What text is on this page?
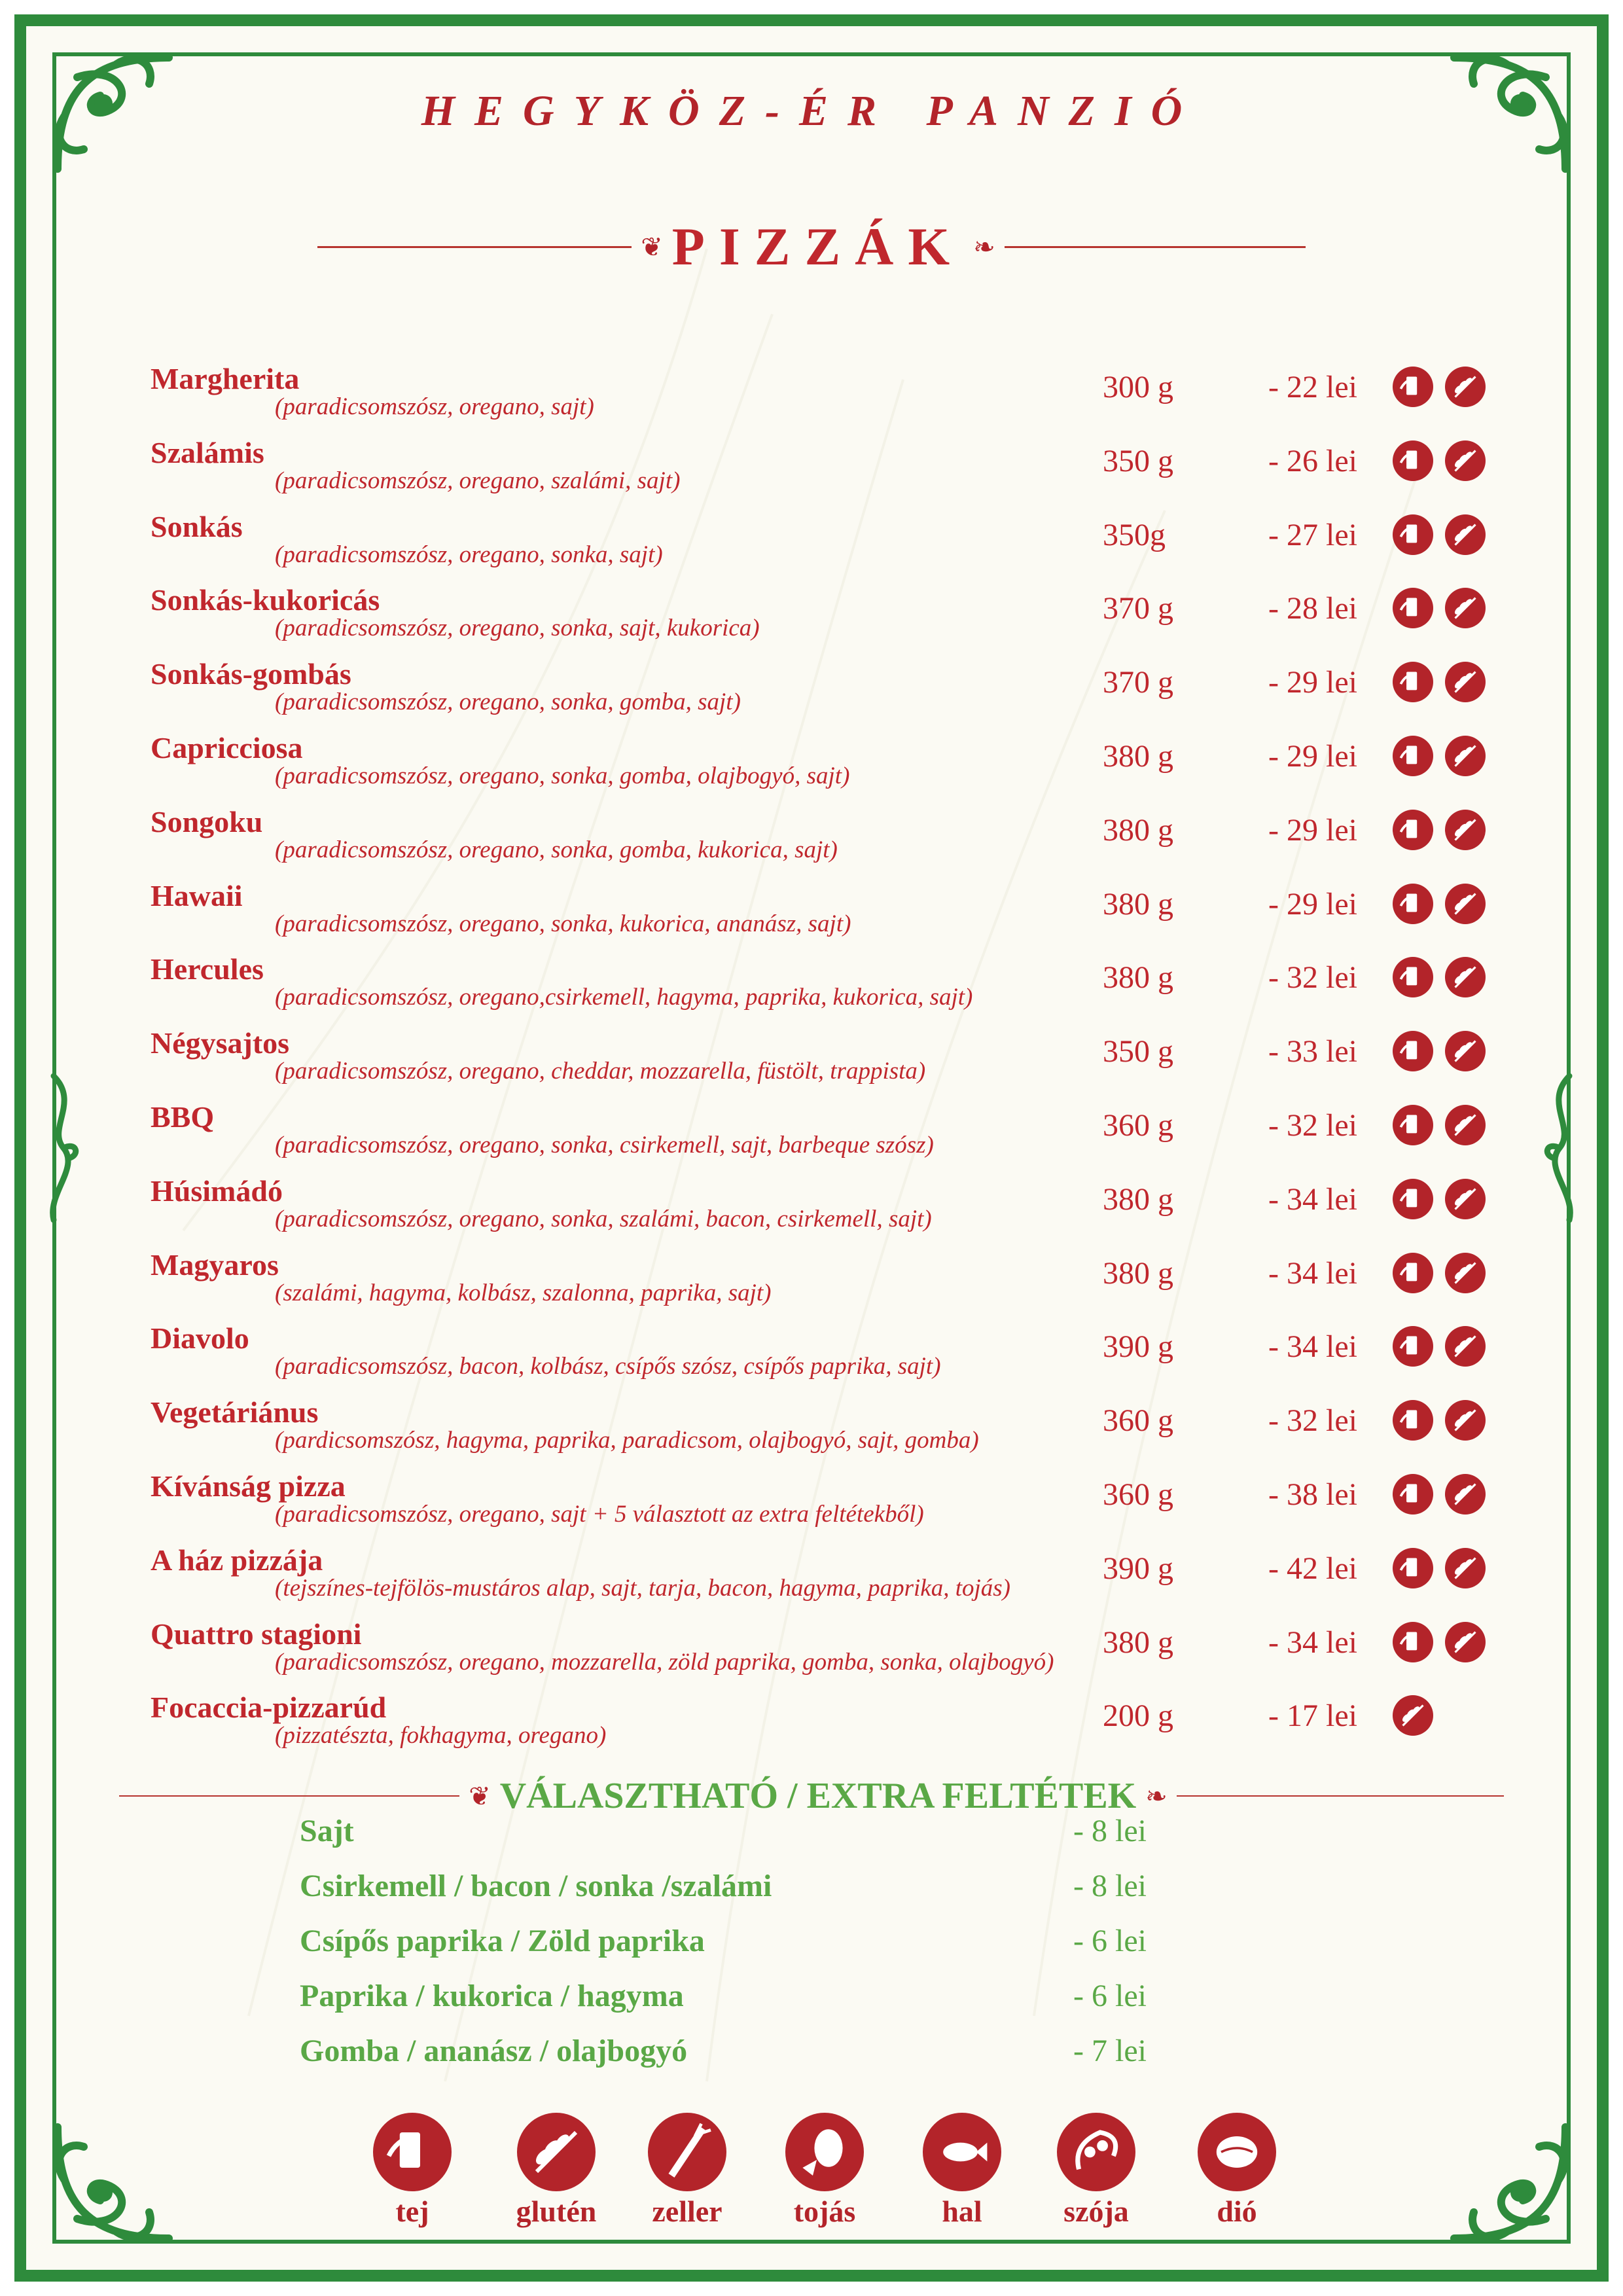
HEGYKÖZ-ÉR PANZIÓ
❦ PIZZÁK ❧
Margherita
(paradicsomszósz, oregano, sajt)
300 g	- 22 lei
Szalámis
(paradicsomszósz, oregano, szalámi, sajt)
350 g	- 26 lei
Sonkás
(paradicsomszósz, oregano, sonka, sajt)
350g	- 27 lei
Sonkás-kukoricás
(paradicsomszósz, oregano, sonka, sajt, kukorica)
370 g	- 28 lei
Sonkás-gombás
(paradicsomszósz, oregano, sonka, gomba, sajt)
370 g	- 29 lei
Capricciosa
(paradicsomszósz, oregano, sonka, gomba, olajbogyó, sajt)
380 g	- 29 lei
Songoku
(paradicsomszósz, oregano, sonka, gomba, kukorica, sajt)
380 g	- 29 lei
Hawaii
(paradicsomszósz, oregano, sonka, kukorica, ananász, sajt)
380 g	- 29 lei
Hercules
(paradicsomszósz, oregano,csirkemell, hagyma, paprika, kukorica, sajt)
380 g	- 32 lei
Négysajtos
(paradicsomszósz, oregano, cheddar, mozzarella, füstölt, trappista)
350 g	- 33 lei
BBQ
(paradicsomszósz, oregano, sonka, csirkemell, sajt, barbeque szósz)
360 g	- 32 lei
Húsimádó
(paradicsomszósz, oregano, sonka, szalámi, bacon, csirkemell, sajt)
380 g	- 34 lei
Magyaros
(szalámi, hagyma, kolbász, szalonna, paprika, sajt)
380 g	- 34 lei
Diavolo
(paradicsomszósz, bacon, kolbász, csípős szósz, csípős paprika, sajt)
390 g	- 34 lei
Vegetáriánus
(pardicsomszósz, hagyma, paprika, paradicsom, olajbogyó, sajt, gomba)
360 g	- 32 lei
Kívánság pizza
(paradicsomszósz, oregano, sajt + 5 választott az extra feltétekből)
360 g	- 38 lei
A ház pizzája
(tejszínes-tejfölös-mustáros alap, sajt, tarja, bacon, hagyma, paprika, tojás)
390 g	- 42 lei
Quattro stagioni
(paradicsomszósz, oregano, mozzarella, zöld paprika, gomba, sonka, olajbogyó)
380 g	- 34 lei
Focaccia-pizzarúd
(pizzatészta, fokhagyma, oregano)
200 g	- 17 lei
❦ VÁLASZTHATÓ / EXTRA FELTÉTEK ❧
Sajt	- 8 lei
Csirkemell / bacon / sonka /szalámi	- 8 lei
Csípős paprika / Zöld paprika	- 6 lei
Paprika / kukorica / hagyma	- 6 lei
Gomba / ananász / olajbogyó	- 7 lei
tej	glutén	zeller	tojás	hal	szója	dió
